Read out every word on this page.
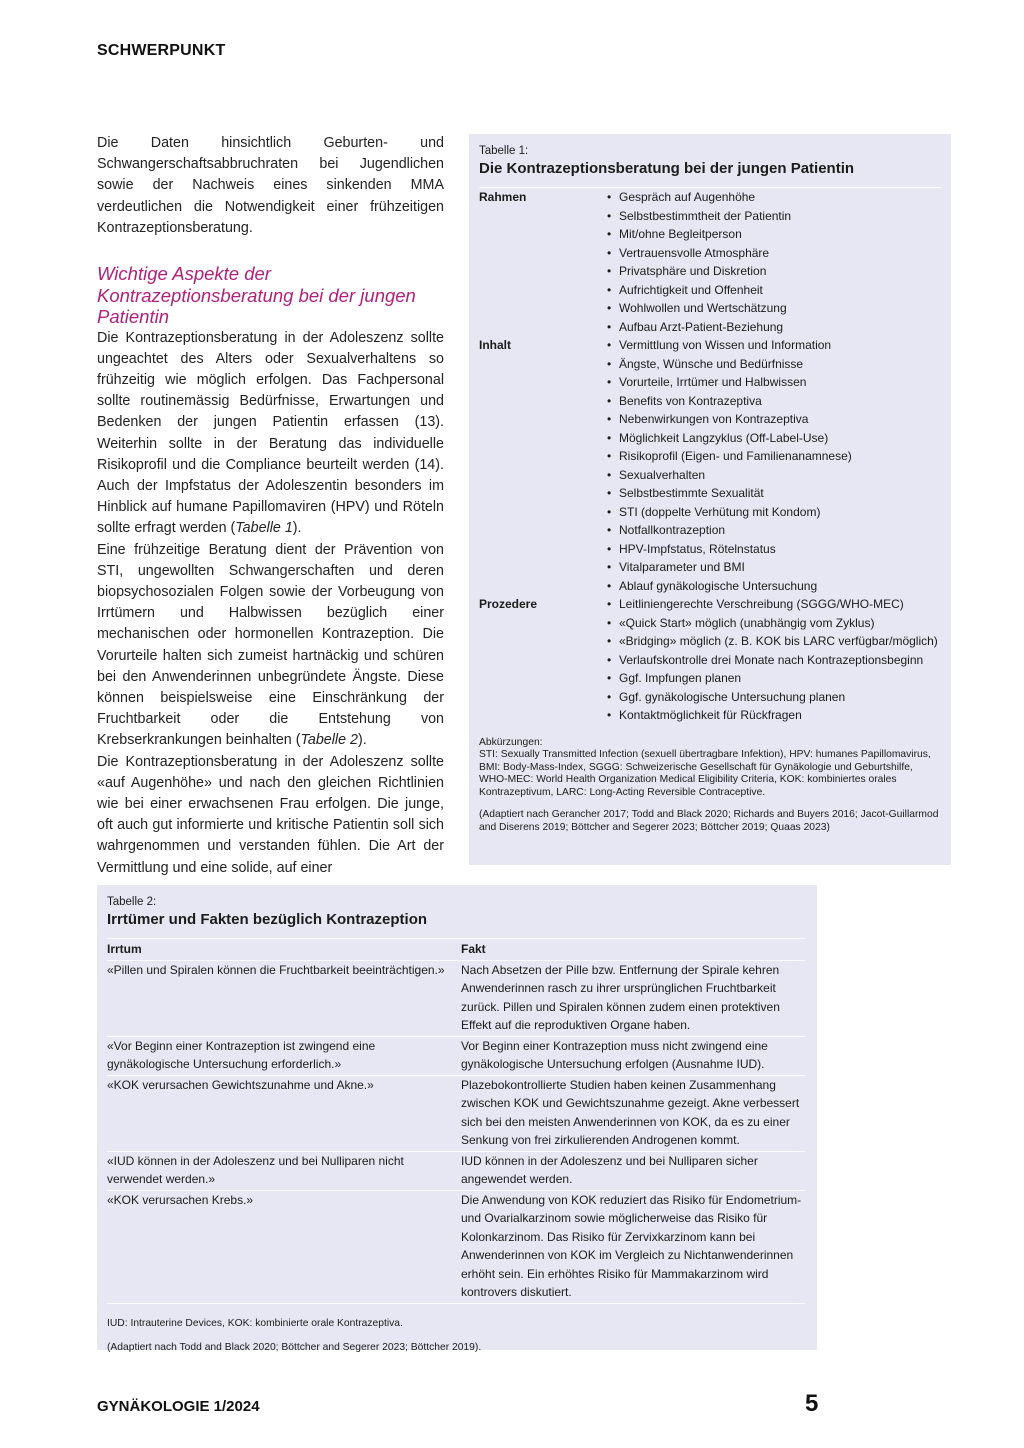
SCHWERPUNKT

Die Daten hinsichtlich Geburten- und Schwangerschaftsabbruchraten bei Jugendlichen sowie der Nachweis eines sinkenden MMA verdeutlichen die Notwendigkeit einer frühzeitigen Kontrazeptionsberatung.

Wichtige Aspekte der Kontrazeptionsberatung bei der jungen Patientin

Die Kontrazeptionsberatung in der Adoleszenz sollte ungeachtet des Alters oder Sexualverhaltens so frühzeitig wie möglich erfolgen. Das Fachpersonal sollte routinemässig Bedürfnisse, Erwartungen und Bedenken der jungen Patientin erfassen (13). Weiterhin sollte in der Beratung das individuelle Risikoprofil und die Compliance beurteilt werden (14). Auch der Impfstatus der Adoleszentin besonders im Hinblick auf humane Papillomaviren (HPV) und Röteln sollte erfragt werden (Tabelle 1).

Eine frühzeitige Beratung dient der Prävention von STI, ungewollten Schwangerschaften und deren biopsychosozialen Folgen sowie der Vorbeugung von Irrtümern und Halbwissen bezüglich einer mechanischen oder hormonellen Kontrazeption. Die Vorurteile halten sich zumeist hartnäckig und schüren bei den Anwenderinnen unbegründete Ängste. Diese können beispielsweise eine Einschränkung der Fruchtbarkeit oder die Entstehung von Krebserkrankungen beinhalten (Tabelle 2).

Die Kontrazeptionsberatung in der Adoleszenz sollte «auf Augenhöhe» und nach den gleichen Richtlinien wie bei einer erwachsenen Frau erfolgen. Die junge, oft auch gut informierte und kritische Patientin soll sich wahrgenommen und verstanden fühlen. Die Art der Vermittlung und eine solide, auf einer

Tabelle 1:
Die Kontrazeptionsberatung bei der jungen Patientin
Rahmen	• Gespräch auf Augenhöhe
• Selbstbestimmtheit der Patientin
• Mit/ohne Begleitperson
• Vertrauensvolle Atmosphäre
• Privatsphäre und Diskretion
• Aufrichtigkeit und Offenheit
• Wohlwollen und Wertschätzung
• Aufbau Arzt-Patient-Beziehung
Inhalt	• Vermittlung von Wissen und Information
• Ängste, Wünsche und Bedürfnisse
• Vorurteile, Irrtümer und Halbwissen
• Benefits von Kontrazeptiva
• Nebenwirkungen von Kontrazeptiva
• Möglichkeit Langzyklus (Off-Label-Use)
• Risikoprofil (Eigen- und Familienanamnese)
• Sexualverhalten
• Selbstbestimmte Sexualität
• STI (doppelte Verhütung mit Kondom)
• Notfallkontrazeption
• HPV-Impfstatus, Rötelnstatus
• Vitalparameter und BMI
• Ablauf gynäkologische Untersuchung
Prozedere	• Leitliniengerechte Verschreibung (SGGG/WHO-MEC)
• «Quick Start» möglich (unabhängig vom Zyklus)
• «Bridging» möglich (z. B. KOK bis LARC verfügbar/möglich)
• Verlaufskontrolle drei Monate nach Kontrazeptionsbeginn
• Ggf. Impfungen planen
• Ggf. gynäkologische Untersuchung planen
• Kontaktmöglichkeit für Rückfragen
Abkürzungen:
STI: Sexually Transmitted Infection (sexuell übertragbare Infektion), HPV: humanes Papillomavirus, BMI: Body-Mass-Index, SGGG: Schweizerische Gesellschaft für Gynäkologie und Geburtshilfe, WHO-MEC: World Health Organization Medical Eligibility Criteria, KOK: kombiniertes orales Kontrazeptivum, LARC: Long-Acting Reversible Contraceptive.
(Adaptiert nach Gerancher 2017; Todd and Black 2020; Richards and Buyers 2016; Jacot-Guillarmod and Diserens 2019; Böttcher and Segerer 2023; Böttcher 2019; Quaas 2023)
Tabelle 2:
Irrtümer und Fakten bezüglich Kontrazeption
Irrtum	Fakt
«Pillen und Spiralen können die Fruchtbarkeit beeinträchtigen.»	Nach Absetzen der Pille bzw. Entfernung der Spirale kehren Anwenderinnen rasch zu ihrer ursprünglichen Fruchtbarkeit zurück. Pillen und Spiralen können zudem einen protektiven Effekt auf die reproduktiven Organe haben.
«Vor Beginn einer Kontrazeption ist zwingend eine gynäkologische Untersuchung erforderlich.»	Vor Beginn einer Kontrazeption muss nicht zwingend eine gynäkologische Untersuchung erfolgen (Ausnahme IUD).
«KOK verursachen Gewichtszunahme und Akne.»	Plazebokontrollierte Studien haben keinen Zusammenhang zwischen KOK und Gewichtszunahme gezeigt. Akne verbessert sich bei den meisten Anwenderinnen von KOK, da es zu einer Senkung von frei zirkulierenden Androgenen kommt.
«IUD können in der Adoleszenz und bei Nulliparen nicht verwendet werden.»	IUD können in der Adoleszenz und bei Nulliparen sicher angewendet werden.
«KOK verursachen Krebs.»	Die Anwendung von KOK reduziert das Risiko für Endometrium- und Ovarialkarzinom sowie möglicherweise das Risiko für Kolonkarzinom. Das Risiko für Zervixkarzinom kann bei Anwenderinnen von KOK im Vergleich zu Nichtanwenderinnen erhöht sein. Ein erhöhtes Risiko für Mammakarzinom wird kontrovers diskutiert.
IUD: Intrauterine Devices, KOK: kombinierte orale Kontrazeptiva.
(Adaptiert nach Todd and Black 2020; Böttcher and Segerer 2023; Böttcher 2019).
GYNÄKOLOGIE 1/2024	5
